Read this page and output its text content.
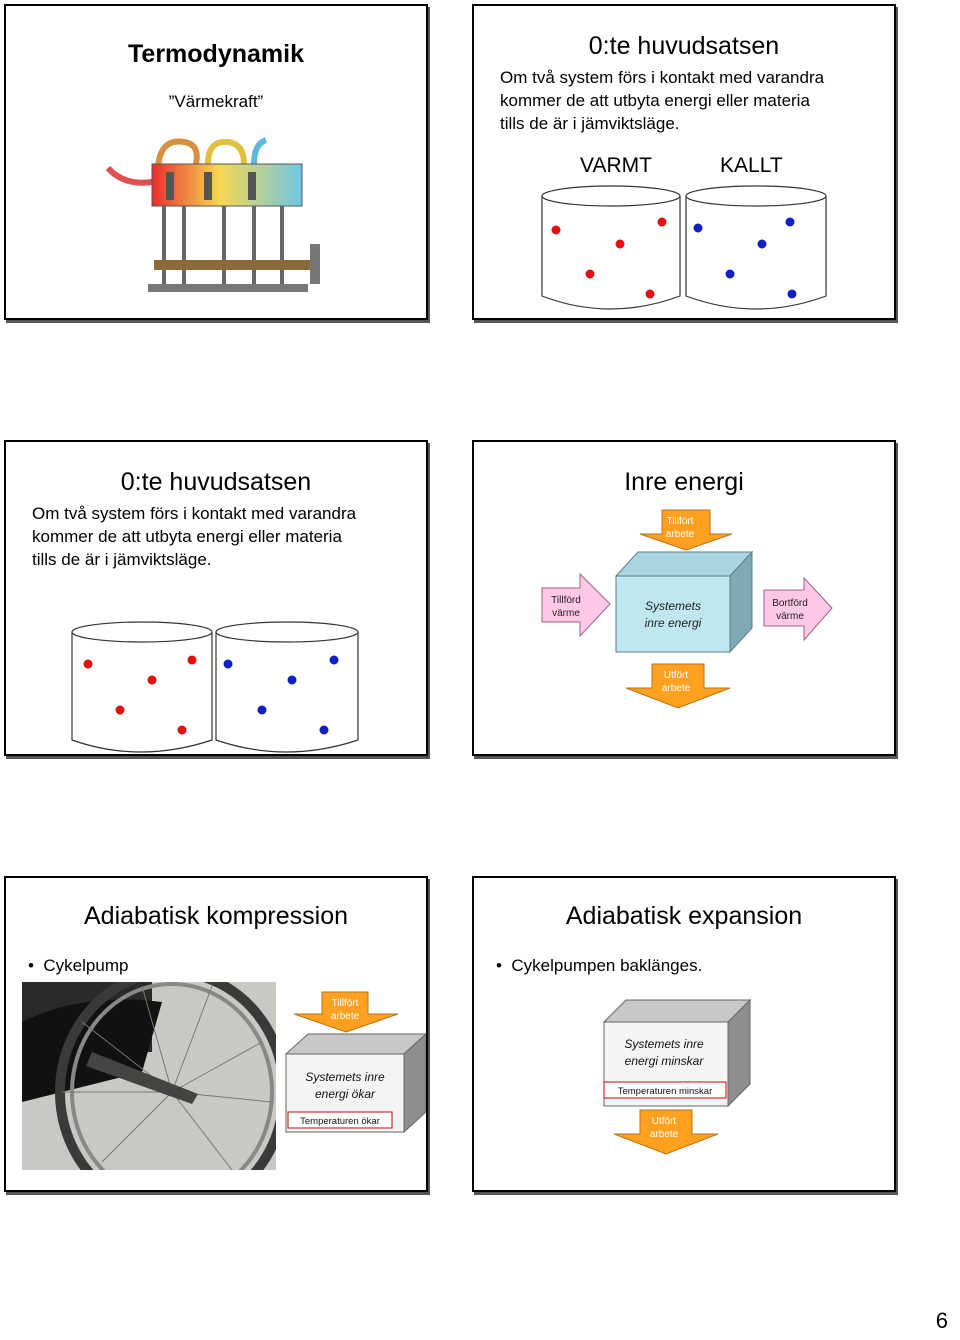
Termodynamik
”Värmekraft”
0:te huvudsatsen
Om två system förs i kontakt med varandra
kommer de att utbyta energi eller materia
tills de är i jämviktsläge.
VARMT	KALLT
0:te huvudsatsen
Om två system förs i kontakt med varandra
kommer de att utbyta energi eller materia
tills de är i jämviktsläge.
Inre energi
Tillfört
arbete
Systemets
inre energi
Tillförd
värme
Bortförd
värme
Utfört
arbete
Adiabatisk kompression
•  Cykelpump
Tillfört
arbete
Systemets inre
energi ökar
Temperaturen ökar
Adiabatisk expansion
•  Cykelpumpen baklänges.
Systemets inre
energi minskar
Temperaturen minskar
Utfört
arbete
6
